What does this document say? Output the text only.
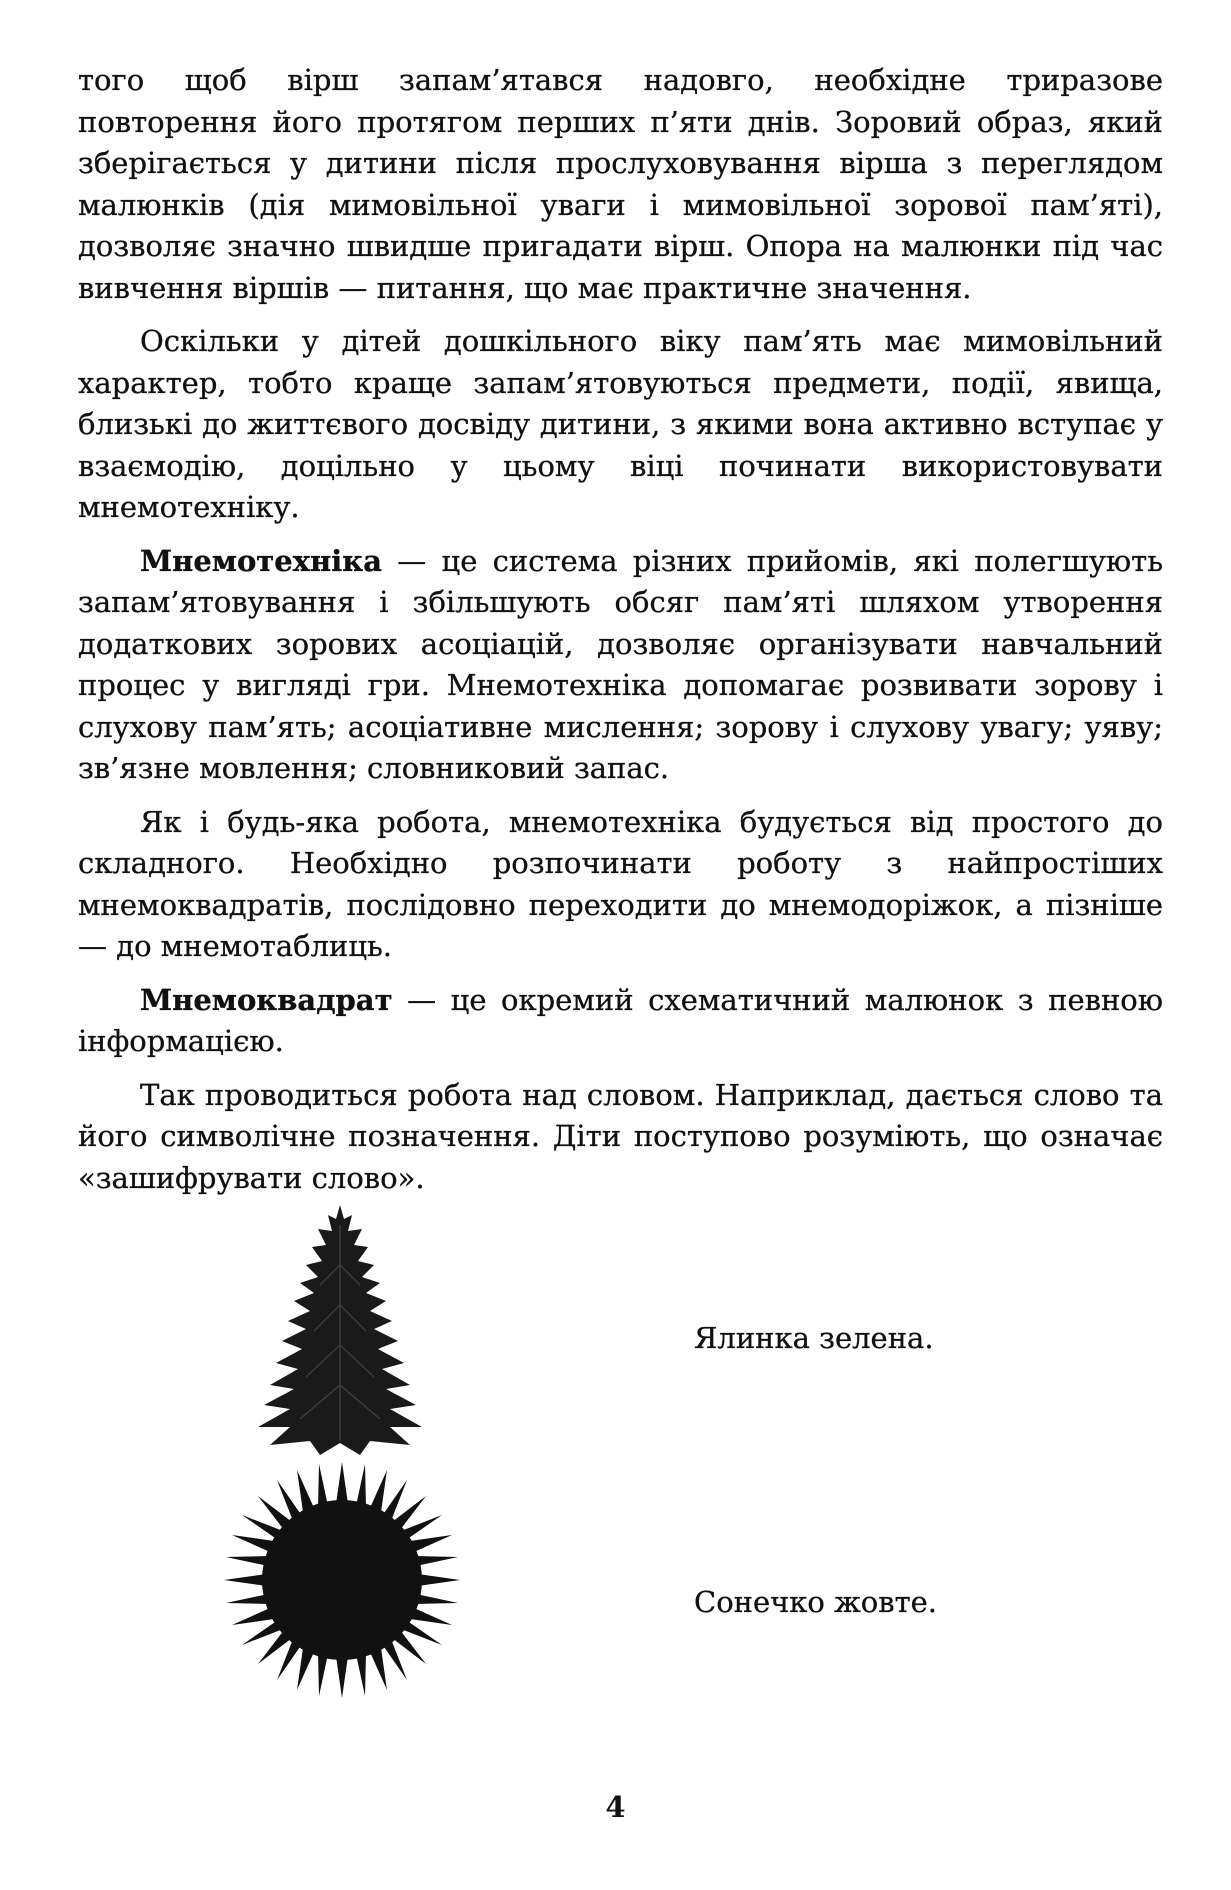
того щоб вірш запам’ятався надовго, необхідне триразове повторення його протягом перших п’яти днів. Зоровий образ, який зберігається у дитини після прослуховування вірша з переглядом малюнків (дія мимовільної уваги і мимовільної зорової пам’яті), дозволяє значно швидше пригадати вірш. Опора на малюнки під час вивчення віршів — питання, що має практичне значення.

Оскільки у дітей дошкільного віку пам’ять має мимовільний характер, тобто краще запам’ятовуються предмети, події, явища, близькі до життєвого досвіду дитини, з якими вона активно вступає у взаємодію, доцільно у цьому віці починати використовувати мнемотехніку.

Мнемотехніка — це система різних прийомів, які полегшують запам’ятовування і збільшують обсяг пам’яті шляхом утворення додаткових зорових асоціацій, дозволяє організувати навчальний процес у вигляді гри. Мнемотехніка допомагає розвивати зорову і слухову пам’ять; асоціативне мислення; зорову і слухову увагу; уяву; зв’язне мовлення; словниковий запас.

Як і будь-яка робота, мнемотехніка будується від простого до складного. Необхідно розпочинати роботу з найпростіших мнемоквадратів, послідовно переходити до мнемодоріжок, а пізніше — до мнемотаблиць.

Мнемоквадрат — це окремий схематичний малюнок з певною інформацією.

Так проводиться робота над словом. Наприклад, дається слово та його символічне позначення. Діти поступово розуміють, що означає «зашифрувати слово».

Ялинка зелена.
Сонечко жовте.
4
